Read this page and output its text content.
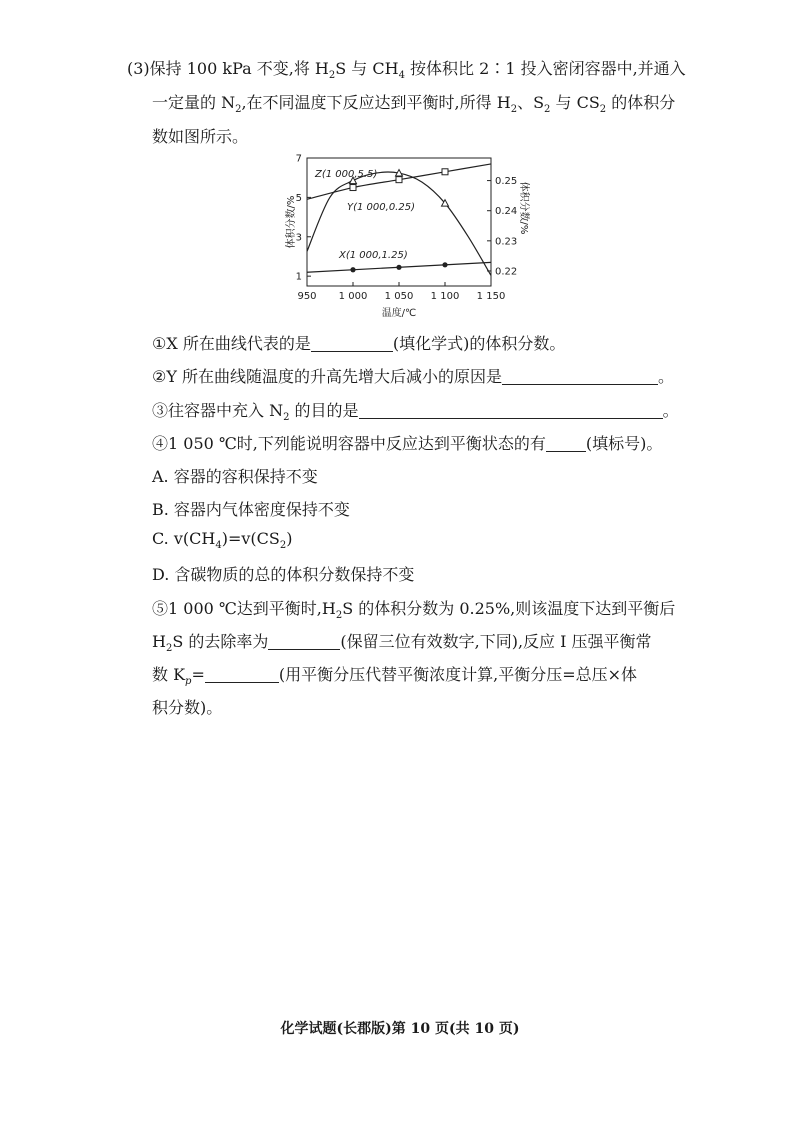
(3)保持 100 kPa 不变,将 $H_2S$ 与 $CH_4$ 按体积比 2∶1 投入密闭容器中,并通入
一定量的 $N_2$,在不同温度下反应达到平衡时,所得 $H_2$、$S_2$ 与 $CS_2$ 的体积分
数如图所示。
950 1 000 1 050 1 100 1 150
1
3
5
7
0.22
0.23
0.24
0.25
温度/℃
体积分数/%	体积分数/%
Z(1 000,5.5)
Y(1 000,0.25)
X(1 000,1.25)
①X 所在曲线代表的是	(填化学式)的体积分数。
②Y 所在曲线随温度的升高先增大后减小的原因是	。
③往容器中充入 $N_2$ 的目的是	。
④1 050 ℃时,下列能说明容器中反应达到平衡状态的有	(填标号)。
A. 容器的容积保持不变
B. 容器内气体密度保持不变
C. $v(CH_4)=v(CS_2)$
D. 含碳物质的总的体积分数保持不变
⑤1 000 ℃达到平衡时$,H_2S$ 的体积分数为 0.25%,则该温度下达到平衡后
$H_2S$ 的去除率为	(保留三位有效数字,下同),反应 Ⅰ 压强平衡常
数 $K_p=$	(用平衡分压代替平衡浓度计算,平衡分压=总压×体
积分数)。
化学试题(长郡版)第 10 页(共 10 页)
